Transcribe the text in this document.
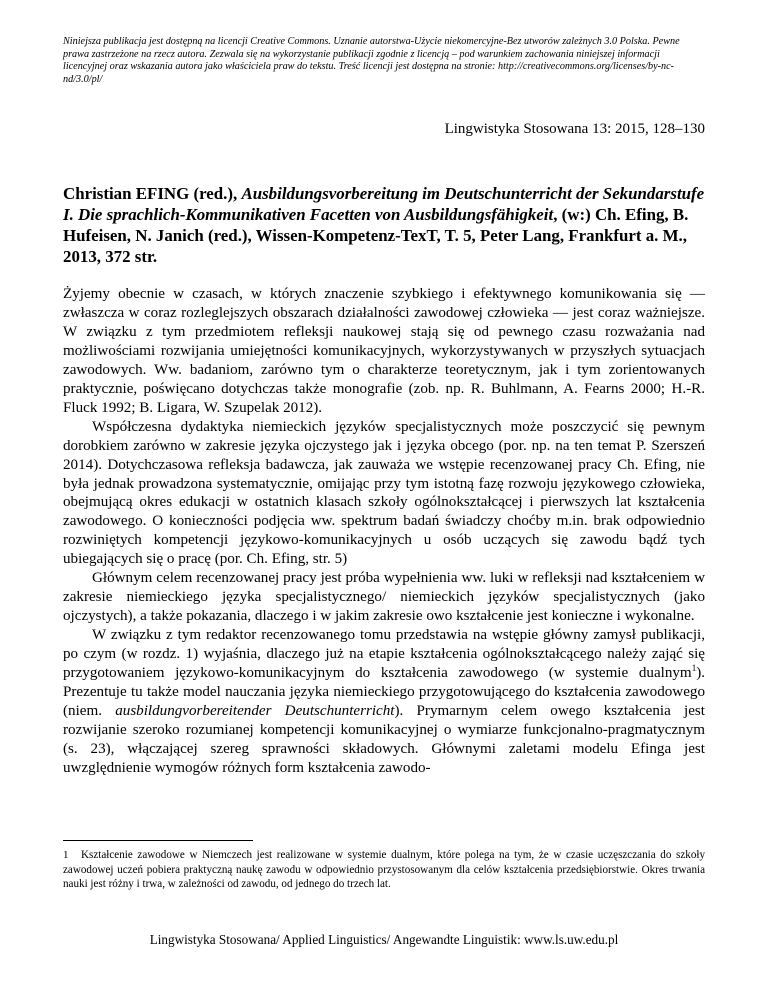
Niniejsza publikacja jest dostępną na licencji Creative Commons. Uznanie autorstwa-Użycie niekomercyjne-Bez utworów zależnych 3.0 Polska. Pewne prawa zastrzeżone na rzecz autora. Zezwala się na wykorzystanie publikacji zgodnie z licencją – pod warunkiem zachowania niniejszej informacji licencyjnej oraz wskazania autora jako właściciela praw do tekstu. Treść licencji jest dostępna na stronie: http://creativecommons.org/licenses/by-nc-nd/3.0/pl/

Lingwistyka Stosowana 13: 2015, 128–130
Christian EFING (red.), Ausbildungsvorbereitung im Deutschunterricht der Sekundarstufe I. Die sprachlich-Kommunikativen Facetten von Ausbildungsfähigkeit, (w:) Ch. Efing, B. Hufeisen, N. Janich (red.), Wissen-Kompetenz-TexT, T. 5, Peter Lang, Frankfurt a. M., 2013, 372 str.

Żyjemy obecnie w czasach, w których znaczenie szybkiego i efektywnego komunikowania się — zwłaszcza w coraz rozleglejszych obszarach działalności zawodowej człowieka — jest coraz ważniejsze. W związku z tym przedmiotem refleksji naukowej stają się od pewnego czasu rozważania nad możliwościami rozwijania umiejętności komunikacyjnych, wykorzystywanych w przyszłych sytuacjach zawodowych. Ww. badaniom, zarówno tym o charakterze teoretycznym, jak i tym zorientowanych praktycznie, poświęcano dotychczas także monografie (zob. np. R. Buhlmann, A. Fearns 2000; H.-R. Fluck 1992; B. Ligara, W. Szupelak 2012).

Współczesna dydaktyka niemieckich języków specjalistycznych może poszczycić się pewnym dorobkiem zarówno w zakresie języka ojczystego jak i języka obcego (por. np. na ten temat P. Szerszeń 2014). Dotychczasowa refleksja badawcza, jak zauważa we wstępie recenzowanej pracy Ch. Efing, nie była jednak prowadzona systematycznie, omijając przy tym istotną fazę rozwoju językowego człowieka, obejmującą okres edukacji w ostatnich klasach szkoły ogólnokształcącej i pierwszych lat kształcenia zawodowego. O konieczności podjęcia ww. spektrum badań świadczy choćby m.in. brak odpowiednio rozwiniętych kompetencji językowo-komunikacyjnych u osób uczących się zawodu bądź tych ubiegających się o pracę (por. Ch. Efing, str. 5)

Głównym celem recenzowanej pracy jest próba wypełnienia ww. luki w refleksji nad kształceniem w zakresie niemieckiego języka specjalistycznego/ niemieckich języków specjalistycznych (jako ojczystych), a także pokazania, dlaczego i w jakim zakresie owo kształcenie jest konieczne i wykonalne.

W związku z tym redaktor recenzowanego tomu przedstawia na wstępie główny zamysł publikacji, po czym (w rozdz. 1) wyjaśnia, dlaczego już na etapie kształcenia ogólnokształcącego należy zająć się przygotowaniem językowo-komunikacyjnym do kształcenia zawodowego (w systemie dualnym$^1$). Prezentuje tu także model nauczania języka niemieckiego przygotowującego do kształcenia zawodowego (niem. ausbildungvorbereitender Deutschunterricht). Prymarnym celem owego kształcenia jest rozwijanie szeroko rozumianej kompetencji komunikacyjnej o wymiarze funkcjonalno-pragmatycznym (s. 23), włączającej szereg sprawności składowych. Głównymi zaletami modelu Efinga jest uwzględnienie wymogów różnych form kształcenia zawodo-

1 Kształcenie zawodowe w Niemczech jest realizowane w systemie dualnym, które polega na tym, że w czasie uczęszczania do szkoły zawodowej uczeń pobiera praktyczną naukę zawodu w odpowiednio przystosowanym dla celów kształcenia przedsiębiorstwie. Okres trwania nauki jest różny i trwa, w zależności od zawodu, od jednego do trzech lat.

Lingwistyka Stosowana/ Applied Linguistics/ Angewandte Linguistik: www.ls.uw.edu.pl
